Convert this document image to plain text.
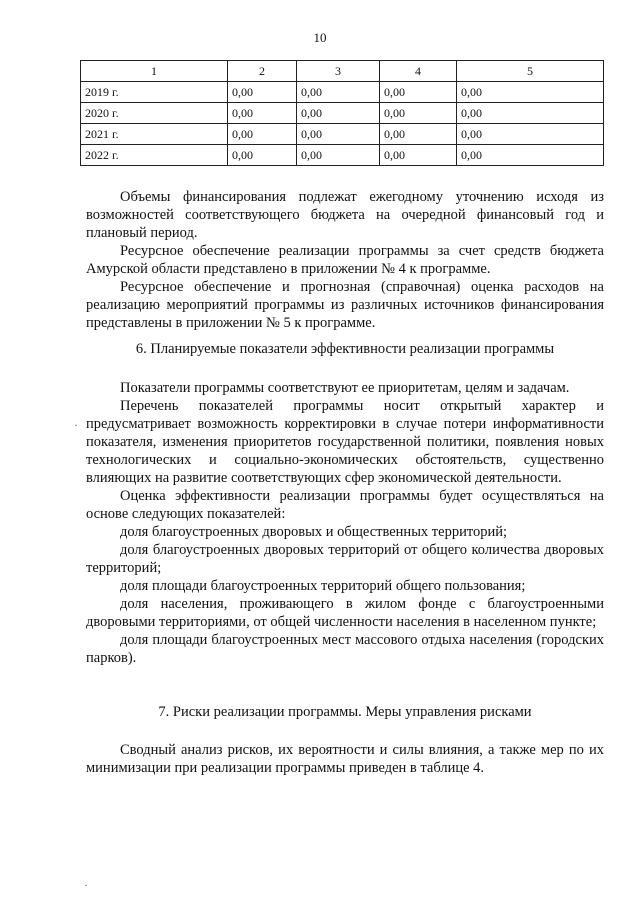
10
1	2	3	4	5
2019 г.	0,00	0,00	0,00	0,00
2020 г.	0,00	0,00	0,00	0,00
2021 г.	0,00	0,00	0,00	0,00
2022 г.	0,00	0,00	0,00	0,00

Объемы финансирования подлежат ежегодному уточнению исходя из возможностей соответствующего бюджета на очередной финансовый год и плановый период.

Ресурсное обеспечение реализации программы за счет средств бюджета Амурской области представлено в приложении № 4 к программе.

Ресурсное обеспечение и прогнозная (справочная) оценка расходов на реализацию мероприятий программы из различных источников финансирования представлены в приложении № 5 к программе.

6. Планируемые показатели эффективности реализации программы

Показатели программы соответствуют ее приоритетам, целям и задачам.

Перечень показателей программы носит открытый характер и предусматривает возможность корректировки в случае потери информативности показателя, изменения приоритетов государственной политики, появления новых технологических и социально-экономических обстоятельств, существенно влияющих на развитие соответствующих сфер экономической деятельности.

Оценка эффективности реализации программы будет осуществляться на основе следующих показателей:

доля благоустроенных дворовых и общественных территорий;

доля благоустроенных дворовых территорий от общего количества дворовых территорий;

доля площади благоустроенных территорий общего пользования;

доля населения, проживающего в жилом фонде с благоустроенными дворовыми территориями, от общей численности населения в населенном пункте;

доля площади благоустроенных мест массового отдыха населения (городских парков).

7. Риски реализации программы. Меры управления рисками

Сводный анализ рисков, их вероятности и силы влияния, а также мер по их минимизации при реализации программы приведен в таблице 4.

·
·
